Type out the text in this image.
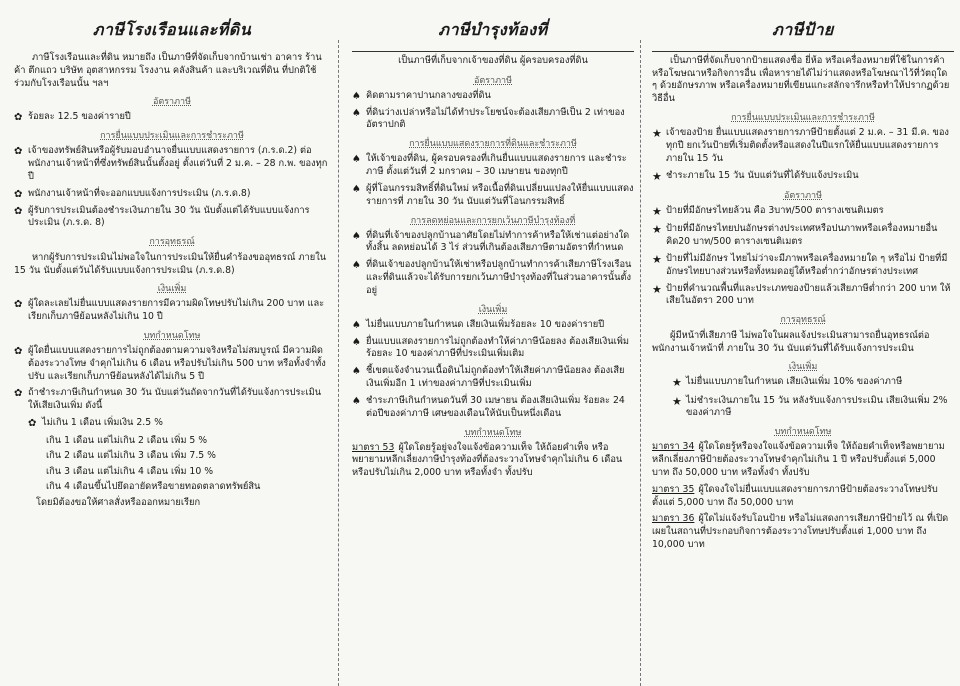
ภาษีโรงเรือนและที่ดิน

ภาษีโรงเรือนและที่ดิน หมายถึง เป็นภาษีที่จัดเก็บจากบ้านเช่า อาคาร ร้านค้า ตึกแถว บริษัท อุตสาหกรรม โรงงาน คลังสินค้า และบริเวณที่ดิน ที่ปกติใช้ร่วมกับโรงเรือนนั้น ฯลฯ

อัตราภาษี
✿ ร้อยละ 12.5 ของค่ารายปี
การยื่นแบบประเมินและการชำระภาษี
✿ เจ้าของทรัพย์สินหรือผู้รับมอบอำนาจยื่นแบบแสดงรายการ (ภ.ร.ด.2) ต่อพนักงานเจ้าหน้าที่ซึ่งทรัพย์สินนั้นตั้งอยู่ ตั้งแต่วันที่ 2 ม.ค. – 28 ก.พ. ของทุกปี
✿ พนักงานเจ้าหน้าที่จะออกแบบแจ้งการประเมิน (ภ.ร.ด.8)
✿ ผู้รับการประเมินต้องชำระเงินภายใน 30 วัน นับตั้งแต่ได้รับแบบแจ้งการประเมิน (ภ.ร.ด. 8)
การอุทธรณ์

หากผู้รับการประเมินไม่พอใจในการประเมินให้ยื่นคำร้องขออุทธรณ์ ภายใน 15 วัน นับตั้งแต่วันได้รับแบบแจ้งการประเมิน (ภ.ร.ด.8)

เงินเพิ่ม
✿ ผู้ใดละเลยไม่ยื่นแบบแสดงรายการมีความผิดโทษปรับไม่เกิน 200 บาท และเรียกเก็บภาษีย้อนหลังไม่เกิน 10 ปี
บทกำหนดโทษ
✿ ผู้ใดยื่นแบบแสดงรายการไม่ถูกต้องตามความจริงหรือไม่สมบูรณ์ มีความผิดต้องระวางโทษ จำคุกไม่เกิน 6 เดือน หรือปรับไม่เกิน 500 บาท หรือทั้งจำทั้งปรับ และเรียกเก็บภาษีย้อนหลังได้ไม่เกิน 5 ปี
✿ ถ้าชำระภาษีเกินกำหนด 30 วัน นับแต่วันถัดจากวันที่ได้รับแจ้งการประเมินให้เสียเงินเพิ่ม ดังนี้
✿ ไม่เกิน 1 เดือน เพิ่มเงิน 2.5 %
เกิน 1 เดือน แต่ไม่เกิน 2 เดือน เพิ่ม 5 %
เกิน 2 เดือน แต่ไม่เกิน 3 เดือน เพิ่ม 7.5 %
เกิน 3 เดือน แต่ไม่เกิน 4 เดือน เพิ่ม 10 %
เกิน 4 เดือนขึ้นไปยึดอายัดหรือขายทอดตลาดทรัพย์สิน
โดยมิต้องขอให้ศาลสั่งหรือออกหมายเรียก
ภาษีบำรุงท้องที่

เป็นภาษีที่เก็บจากเจ้าของที่ดิน ผู้ครอบครองที่ดิน

อัตราภาษี
♠ คิดตามราคาปานกลางของที่ดิน
♠ ที่ดินว่างเปล่าหรือไม่ได้ทำประโยชน์จะต้องเสียภาษีเป็น 2 เท่าของอัตราปกติ
การยื่นแบบแสดงรายการที่ดินและชำระภาษี
♠ ให้เจ้าของที่ดิน, ผู้ครอบครองที่เกินยื่นแบบแสดงรายการ และชำระภาษี ตั้งแต่วันที่ 2 มกราคม – 30 เมษายน ของทุกปี
♠ ผู้ที่โอนกรรมสิทธิ์ที่ดินใหม่ หรือเนื้อที่ดินเปลี่ยนแปลงให้ยื่นแบบแสดงรายการที่ ภายใน 30 วัน นับแต่วันที่โอนกรรมสิทธิ์
การลดหย่อนและการยกเว้นภาษีบำรุงท้องที่
♠ ที่ดินที่เจ้าของปลูกบ้านอาศัยโดยไม่ทำการค้าหรือให้เช่าแต่อย่างใดทั้งสิ้น ลดหย่อนได้ 3 ไร่ ส่วนที่เกินต้องเสียภาษีตามอัตราที่กำหนด
♠ ที่ดินเจ้าของปลูกบ้านให้เช่าหรือปลูกบ้านทำการค้าเสียภาษีโรงเรือนและที่ดินแล้วจะได้รับการยกเว้นภาษีบำรุงท้องที่ในส่วนอาคารนั้นตั้งอยู่
เงินเพิ่ม
♠ ไม่ยื่นแบบภายในกำหนด เสียเงินเพิ่มร้อยละ 10 ของค่ารายปี
♠ ยื่นแบบแสดงรายการไม่ถูกต้องทำให้ค่าภาษีน้อยลง ต้องเสียเงินเพิ่มร้อยละ 10 ของค่าภาษีที่ประเมินเพิ่มเติม
♠ ชี้เขตแจ้งจำนวนเนื้อดินไม่ถูกต้องทำให้เสียค่าภาษีน้อยลง ต้องเสียเงินเพิ่มอีก 1 เท่าของค่าภาษีที่ประเมินเพิ่ม
♠ ชำระภาษีเกินกำหนดวันที่ 30 เมษายน ต้องเสียเงินเพิ่ม ร้อยละ 24 ต่อปีของค่าภาษี เศษของเดือนให้นับเป็นหนึ่งเดือน
บทกำหนดโทษ
มาตรา 53 ผู้ใดโดยรู้อยู่จงใจแจ้งข้อความเท็จ ให้ถ้อยคำเท็จ หรือพยายามหลีกเลี่ยงภาษีบำรุงท้องที่ต้องระวางโทษจำคุกไม่เกิน 6 เดือน หรือปรับไม่เกิน 2,000 บาท หรือทั้งจำ ทั้งปรับ
ภาษีป้าย

เป็นภาษีที่จัดเก็บจากป้ายแสดงชื่อ ยี่ห้อ หรือเครื่องหมายที่ใช้ในการค้าหรือโฆษณาหรือกิจการอื่น เพื่อหารายได้ไม่ว่าแสดงหรือโฆษณาไว้ที่วัตถุใด ๆ ด้วยอักษรภาพ หรือเครื่องหมายที่เขียนแกะสลักจารึกหรือทำให้ปรากฏด้วยวิธีอื่น

การยื่นแบบประเมินและการชำระภาษี
★ เจ้าของป้าย ยื่นแบบแสดงรายการภาษีป้ายตั้งแต่ 2 ม.ค. – 31 มี.ค. ของทุกปี ยกเว้นป้ายที่เริ่มติดตั้งหรือแสดงในปีแรกให้ยื่นแบบแสดงรายการภายใน 15 วัน
★ ชำระภายใน 15 วัน นับแต่วันที่ได้รับแจ้งประเมิน
อัตราภาษี
★ ป้ายที่มีอักษรไทยล้วน คือ 3บาท/500 ตารางเซนติเมตร
★ ป้ายที่มีอักษรไทยปนอักษรต่างประเทศหรือปนภาพหรือเครื่องหมายอื่น คิด20 บาท/500 ตารางเซนติเมตร
★ ป้ายที่ไม่มีอักษร ไทยไม่ว่าจะมีภาพหรือเครื่องหมายใด ๆ หรือไม่ ป้ายที่มีอักษรไทยบางส่วนหรือทั้งหมดอยู่ใต้หรือต่ำกว่าอักษรต่างประเทศ
★ ป้ายที่คำนวณพื้นที่และประเภทของป้ายแล้วเสียภาษีต่ำกว่า 200 บาท ให้เสียในอัตรา 200 บาท
การอุทธรณ์

ผู้มีหน้าที่เสียภาษี ไม่พอใจในผลแจ้งประเมินสามารถยื่นอุทธรณ์ต่อพนักงานเจ้าหน้าที่ ภายใน 30 วัน นับแต่วันที่ได้รับแจ้งการประเมิน

เงินเพิ่ม
★ ไม่ยื่นแบบภายในกำหนด เสียเงินเพิ่ม 10% ของค่าภาษี
★ ไม่ชำระเงินภายใน 15 วัน หลังรับแจ้งการประเมิน เสียเงินเพิ่ม 2% ของค่าภาษี
บทกำหนดโทษ
มาตรา 34 ผู้ใดโดยรู้หรือจงใจแจ้งข้อความเท็จ ให้ถ้อยคำเท็จหรือพยายามหลีกเลี่ยงภาษีป้ายต้องระวางโทษจำคุกไม่เกิน 1 ปี หรือปรับตั้งแต่ 5,000 บาท ถึง 50,000 บาท หรือทั้งจำ ทั้งปรับ
มาตรา 35 ผู้ใดจงใจไม่ยื่นแบบแสดงรายการภาษีป้ายต้องระวางโทษปรับตั้งแต่ 5,000 บาท ถึง 50,000 บาท
มาตรา 36 ผู้ใดไม่แจ้งรับโอนป้าย หรือไม่แสดงการเสียภาษีป้ายไว้ ณ ที่เปิดเผยในสถานที่ประกอบกิจการต้องระวางโทษปรับตั้งแต่ 1,000 บาท ถึง 10,000 บาท
